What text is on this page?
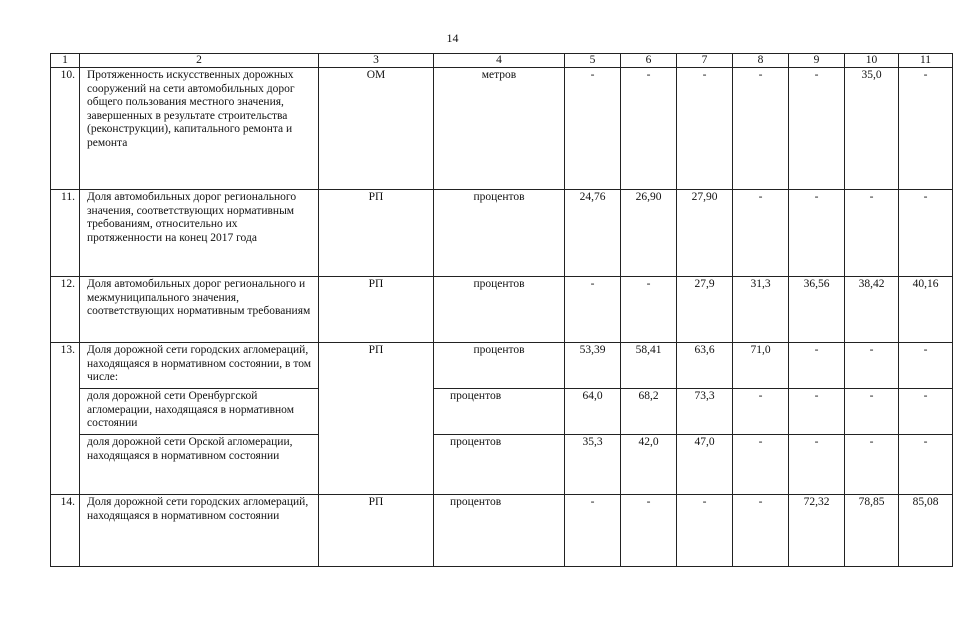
14
1	2	3	4	5	6	7	8	9	10	11
10.	Протяженность искусственных дорожных сооружений на сети автомобильных дорог общего пользования местного значения, завершенных в результате строительства (реконструкции), капитального ремонта и ремонта	ОМ	метров	-	-	-	-	-	35,0	-
11.	Доля автомобильных дорог регионального значения, соответствующих нормативным требованиям, относительно их протяженности на конец 2017 года	РП	процентов	24,76	26,90	27,90	-	-	-	-
12.	Доля автомобильных дорог регионального и межмуниципального значения, соответствующих нормативным требованиям	РП	процентов	-	-	27,9	31,3	36,56	38,42	40,16
13.	Доля дорожной сети городских агломераций, находящаяся в нормативном состоянии, в том числе:	РП	процентов	53,39	58,41	63,6	71,0	-	-	-
	доля дорожной сети Оренбургской агломерации, находящаяся в нормативном состоянии		процентов	64,0	68,2	73,3	-	-	-	-
	доля дорожной сети Орской агломерации, находящаяся в нормативном состоянии		процентов	35,3	42,0	47,0	-	-	-	-
14.	Доля дорожной сети городских агломераций, находящаяся в нормативном состоянии	РП	процентов	-	-	-	-	72,32	78,85	85,08
